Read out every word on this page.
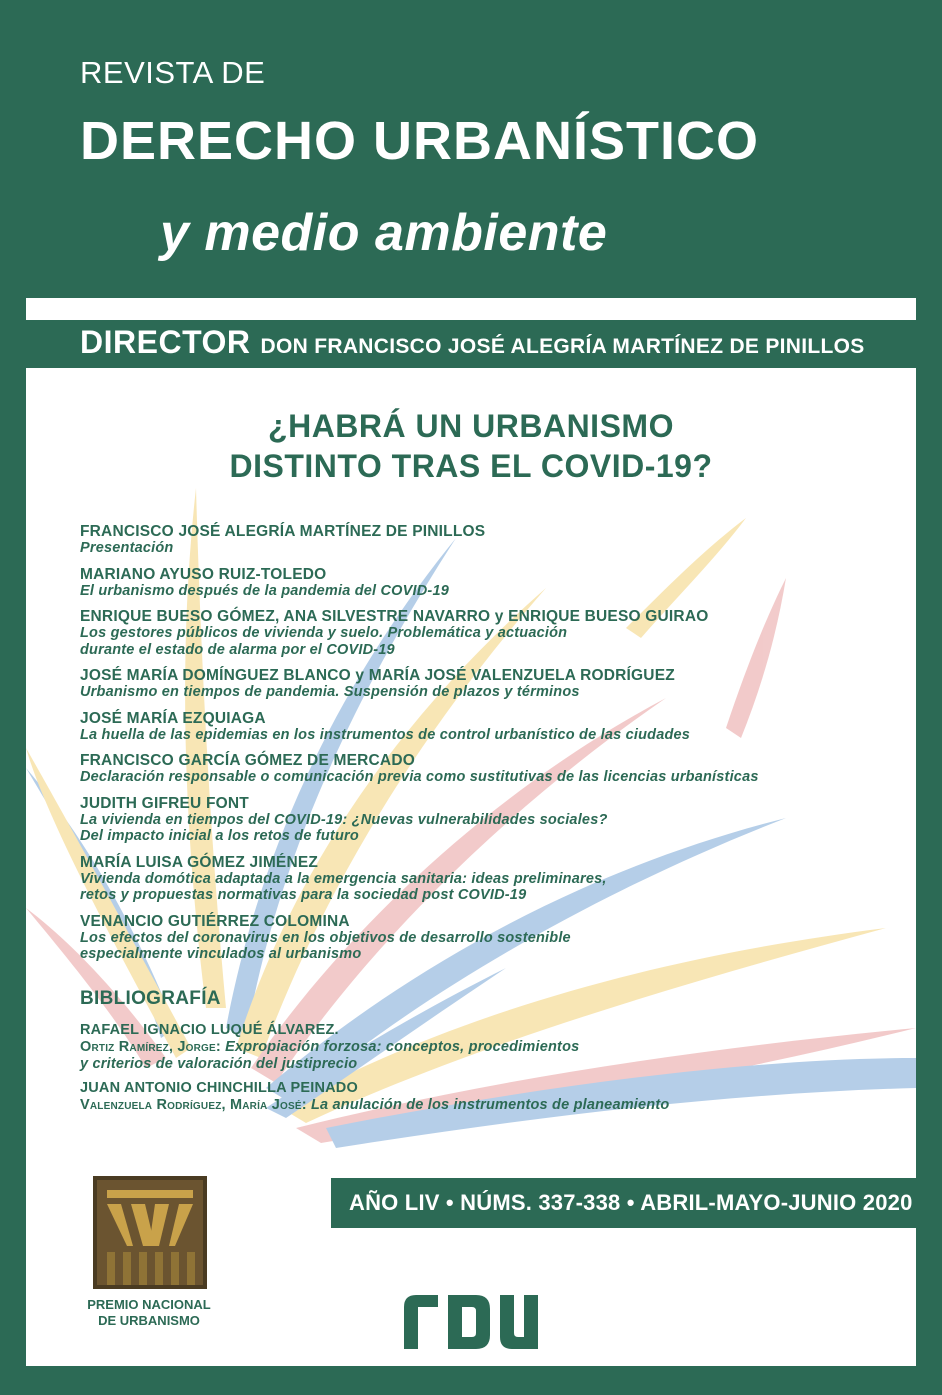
REVISTA DE
DERECHO URBANÍSTICO
y medio ambiente
DIRECTOR DON FRANCISCO JOSÉ ALEGRÍA MARTÍNEZ DE PINILLOS
¿HABRÁ UN URBANISMO
DISTINTO TRAS EL COVID-19?
FRANCISCO JOSÉ ALEGRÍA MARTÍNEZ DE PINILLOS
Presentación
MARIANO AYUSO RUIZ-TOLEDO
El urbanismo después de la pandemia del COVID-19
ENRIQUE BUESO GÓMEZ, ANA SILVESTRE NAVARRO y ENRIQUE BUESO GUIRAO
Los gestores públicos de vivienda y suelo. Problemática y actuación
durante el estado de alarma por el COVID-19
JOSÉ MARÍA DOMÍNGUEZ BLANCO y MARÍA JOSÉ VALENZUELA RODRÍGUEZ
Urbanismo en tiempos de pandemia. Suspensión de plazos y términos
JOSÉ MARÍA EZQUIAGA
La huella de las epidemias en los instrumentos de control urbanístico de las ciudades
FRANCISCO GARCÍA GÓMEZ DE MERCADO
Declaración responsable o comunicación previa como sustitutivas de las licencias urbanísticas
JUDITH GIFREU FONT
La vivienda en tiempos del COVID-19: ¿Nuevas vulnerabilidades sociales?
Del impacto inicial a los retos de futuro
MARÍA LUISA GÓMEZ JIMÉNEZ
Vivienda domótica adaptada a la emergencia sanitaria: ideas preliminares,
retos y propuestas normativas para la sociedad post COVID-19
VENANCIO GUTIÉRREZ COLOMINA
Los efectos del coronavirus en los objetivos de desarrollo sostenible
especialmente vinculados al urbanismo
BIBLIOGRAFÍA
RAFAEL IGNACIO LUQUÉ ÁLVAREZ.
Ortiz Ramírez, Jorge: Expropiación forzosa: conceptos, procedimientos
y criterios de valoración del justiprecio
JUAN ANTONIO CHINCHILLA PEINADO
Valenzuela Rodríguez, María José: La anulación de los instrumentos de planeamiento
PREMIO NACIONAL
DE URBANISMO
AÑO LIV • NÚMS. 337-338 • ABRIL-MAYO-JUNIO 2020
